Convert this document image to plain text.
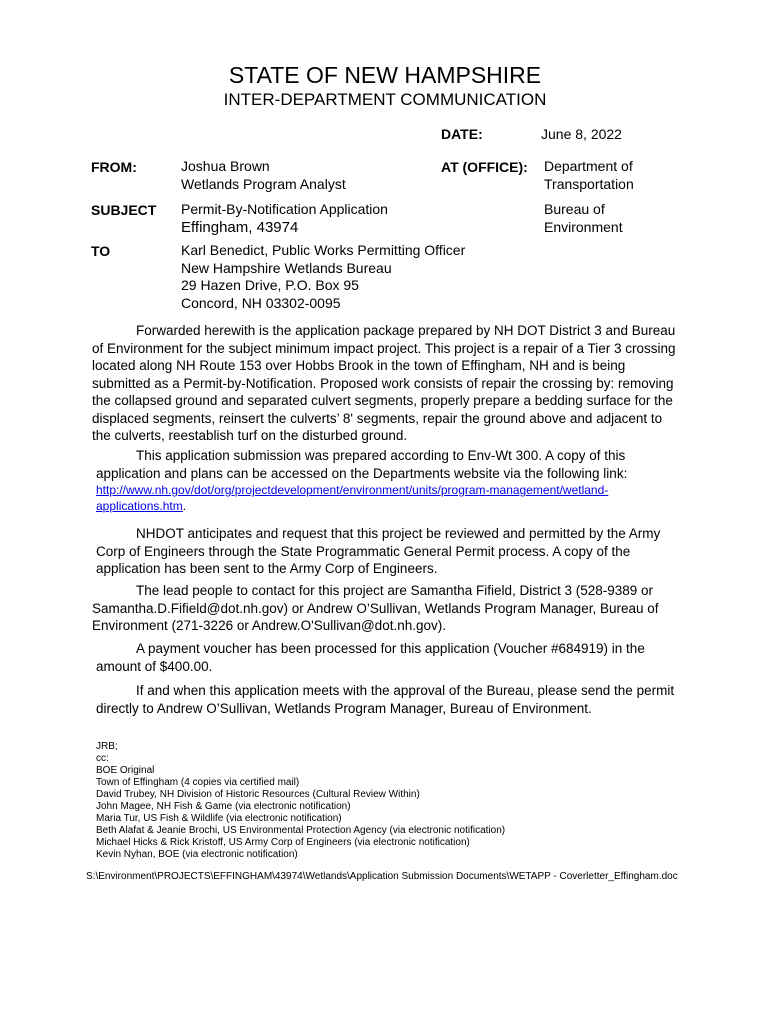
STATE OF NEW HAMPSHIRE
INTER-DEPARTMENT COMMUNICATION
DATE:	June 8, 2022
FROM:	Joshua Brown
Wetlands Program Analyst
AT (OFFICE): Department of
Transportation
Bureau of
Environment
SUBJECT Permit-By-Notification Application
Effingham, 43974
TO	Karl Benedict, Public Works Permitting Officer
New Hampshire Wetlands Bureau
29 Hazen Drive, P.O. Box 95
Concord, NH 03302-0095

Forwarded herewith is the application package prepared by NH DOT District 3 and Bureau

of Environment for the subject minimum impact project. This project is a repair of a Tier 3 crossing

located along NH Route 153 over Hobbs Brook in the town of Effingham, NH and is being

submitted as a Permit-by-Notification. Proposed work consists of repair the crossing by: removing

the collapsed ground and separated culvert segments, properly prepare a bedding surface for the

displaced segments, reinsert the culverts’ 8' segments, repair the ground above and adjacent to

the culverts, reestablish turf on the disturbed ground.

This application submission was prepared according to Env-Wt 300. A copy of this

application and plans can be accessed on the Departments website via the following link:

http://www.nh.gov/dot/org/projectdevelopment/environment/units/program-management/wetland-

applications.htm.

NHDOT anticipates and request that this project be reviewed and permitted by the Army

Corp of Engineers through the State Programmatic General Permit process. A copy of the

application has been sent to the Army Corp of Engineers.

The lead people to contact for this project are Samantha Fifield, District 3 (528-9389 or

Samantha.D.Fifield@dot.nh.gov) or Andrew O’Sullivan, Wetlands Program Manager, Bureau of

Environment (271-3226 or Andrew.O'Sullivan@dot.nh.gov).

A payment voucher has been processed for this application (Voucher #684919) in the

amount of $400.00.

If and when this application meets with the approval of the Bureau, please send the permit

directly to Andrew O’Sullivan, Wetlands Program Manager, Bureau of Environment.

JRB;
cc:
BOE Original
Town of Effingham (4 copies via certified mail)
David Trubey, NH Division of Historic Resources (Cultural Review Within)
John Magee, NH Fish & Game (via electronic notification)
Maria Tur, US Fish & Wildlife (via electronic notification)
Beth Alafat & Jeanie Brochi, US Environmental Protection Agency (via electronic notification)
Michael Hicks & Rick Kristoff, US Army Corp of Engineers (via electronic notification)
Kevin Nyhan, BOE (via electronic notification)
S:\Environment\PROJECTS\EFFINGHAM\43974\Wetlands\Application Submission Documents\WETAPP - Coverletter_Effingham.doc
